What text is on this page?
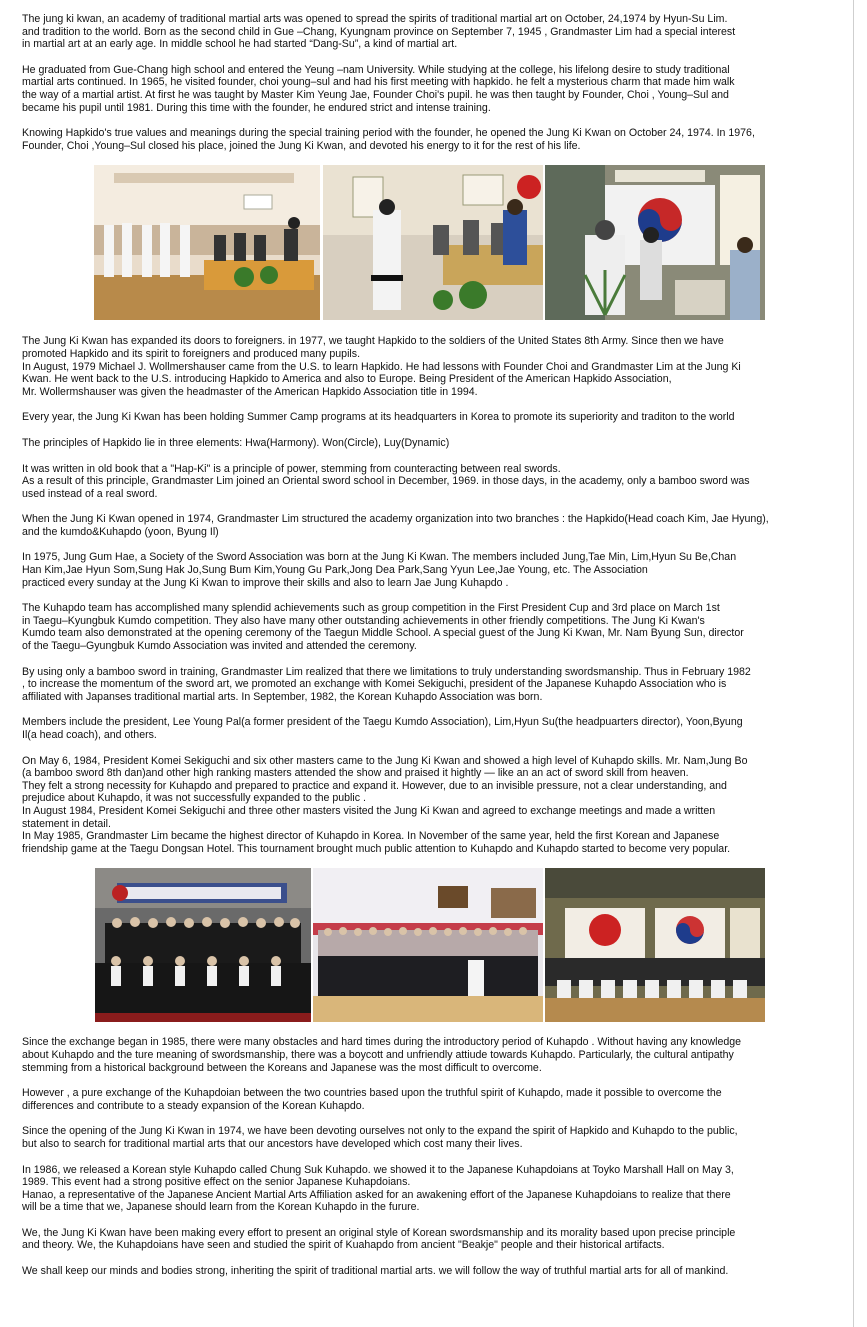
The jung ki kwan, an academy of traditional martial arts was opened to spread the spirits of traditional martial art on October, 24,1974 by Hyun-Su Lim.
and tradition to the world. Born as the second child in Gue –Chang, Kyungnam province on September 7, 1945 , Grandmaster Lim had a special interest
in martial art at an early age. In middle school he had started “Dang-Su”, a kind of martial art.
He graduated from Gue-Chang high school and entered the Yeung –nam University. While studying at the college, his lifelong desire to study traditional
martial arts continued. In 1965, he visited founder, choi young–sul and had his first meeting with hapkido. he felt a mysterious charm that made him walk
the way of a martial artist. At first he was taught by Master Kim Yeung Jae, Founder Choi's pupil. he was then taught by Founder, Choi , Young–Sul and
became his pupil until 1981. During this time with the founder, he endured strict and intense training.
Knowing Hapkido's true values and meanings during the special training period with the founder, he opened the Jung Ki Kwan on October 24, 1974. In 1976,
Founder, Choi ,Young–Sul closed his place, joined the Jung Ki Kwan, and devoted his energy to it for the rest of his life.
The Jung Ki Kwan has expanded its doors to foreigners. in 1977, we taught Hapkido to the soldiers of the United States 8th Army. Since then we have
promoted Hapkido and its spirit to foreigners and produced many pupils.
In August, 1979 Michael J. Wollmershauser came from the U.S. to learn Hapkido. He had lessons with Founder Choi and Grandmaster Lim at the Jung Ki
Kwan. He went back to the U.S. introducing Hapkido to America and also to Europe. Being President of the American Hapkido Association,
Mr. Wollermshauser was given the headmaster of the American Hapkido Association title in 1994.
Every year, the Jung Ki Kwan has been holding Summer Camp programs at its headquarters in Korea to promote its superiority and traditon to the world
The principles of Hapkido lie in three elements: Hwa(Harmony). Won(Circle), Luy(Dynamic)
It was written in old book that a "Hap-Ki" is a principle of power, stemming from counteracting between real swords.
As a result of this principle, Grandmaster Lim joined an Oriental sword school in December, 1969. in those days, in the academy, only a bamboo sword was
used instead of a real sword.
When the Jung Ki Kwan opened in 1974, Grandmaster Lim structured the academy organization into two branches : the Hapkido(Head coach Kim, Jae Hyung),
and the kumdo&Kuhapdo (yoon, Byung Il)
In 1975, Jung Gum Hae, a Society of the Sword Association was born at the Jung Ki Kwan. The members included Jung,Tae Min, Lim,Hyun Su Be,Chan
Han Kim,Jae Hyun Som,Sung Hak Jo,Sung Bum Kim,Young Gu Park,Jong Dea Park,Sang Yyun Lee,Jae Young, etc. The Association
practiced every sunday at the Jung Ki Kwan to improve their skills and also to learn Jae Jung Kuhapdo .
The Kuhapdo team has accomplished many splendid achievements such as group competition in the First President Cup and 3rd place on March 1st
in Taegu–Kyungbuk Kumdo competition. They also have many other outstanding achievements in other friendly competitions. The Jung Ki Kwan's
Kumdo team also demonstrated at the opening ceremony of the Taegun Middle School. A special guest of the Jung Ki Kwan, Mr. Nam Byung Sun, director
of the Taegu–Gyungbuk Kumdo Association was invited and attended the ceremony.
By using only a bamboo sword in training, Grandmaster Lim realized that there we limitations to truly understanding swordsmanship. Thus in February 1982
, to increase the momentum of the sword art, we promoted an exchange with Komei Sekiguchi, president of the Japanese Kuhapdo Association who is
affiliated with Japanses traditional martial arts. In September, 1982, the Korean Kuhapdo Association was born.
Members include the president, Lee Young Pal(a former president of the Taegu Kumdo Association), Lim,Hyun Su(the headpuarters director), Yoon,Byung
Il(a head coach), and others.
On May 6, 1984, President Komei Sekiguchi and six other masters came to the Jung Ki Kwan and showed a high level of Kuhapdo skills. Mr. Nam,Jung Bo
(a bamboo sword 8th dan)and other high ranking masters attended the show and praised it hightly — like an an act of sword skill from heaven.
They felt a strong necessity for Kuhapdo and prepared to practice and expand it. However, due to an invisible pressure, not a clear understanding, and
prejudice about Kuhapdo, it was not successfully expanded to the public .
In August 1984, President Komei Sekiguchi and three other masters visited the Jung Ki Kwan and agreed to exchange meetings and made a written
statement in detail.
In May 1985, Grandmaster Lim became the highest director of Kuhapdo in Korea. In November of the same year, held the first Korean and Japanese
friendship game at the Taegu Dongsan Hotel. This tournament brought much public attention to Kuhapdo and Kuhapdo started to become very popular.
Since the exchange began in 1985, there were many obstacles and hard times during the introductory period of Kuhapdo . Without having any knowledge
about Kuhapdo and the ture meaning of swordsmanship, there was a boycott and unfriendly attiude towards Kuhapdo. Particularly, the cultural antipathy
stemming from a historical background between the Koreans and Japanese was the most difficult to overcome.
However , a pure exchange of the Kuhapdoian between the two countries based upon the truthful spirit of Kuhapdo, made it possible to overcome the
differences and contribute to a steady expansion of the Korean Kuhapdo.
Since the opening of the Jung Ki Kwan in 1974, we have been devoting ourselves not only to the expand the spirit of Hapkido and Kuhapdo to the public,
but also to search for traditional martial arts that our ancestors have developed which cost many their lives.
In 1986, we released a Korean style Kuhapdo called Chung Suk Kuhapdo. we showed it to the Japanese Kuhapdoians at Toyko Marshall Hall on May 3,
1989. This event had a strong positive effect on the senior Japanese Kuhapdoians.
Hanao, a representative of the Japanese Ancient Martial Arts Affiliation asked for an awakening effort of the Japanese Kuhapdoians to realize that there
will be a time that we, Japanese should learn from the Korean Kuhapdo in the furure.
We, the Jung Ki Kwan have been making every effort to present an original style of Korean swordsmanship and its morality based upon precise principle
and theory. We, the Kuhapdoians have seen and studied the spirit of Kuahapdo from ancient "Beakje" people and their historical artifacts.
We shall keep our minds and bodies strong, inheriting the spirit of traditional martial arts. we will follow the way of truthful martial arts for all of mankind.
